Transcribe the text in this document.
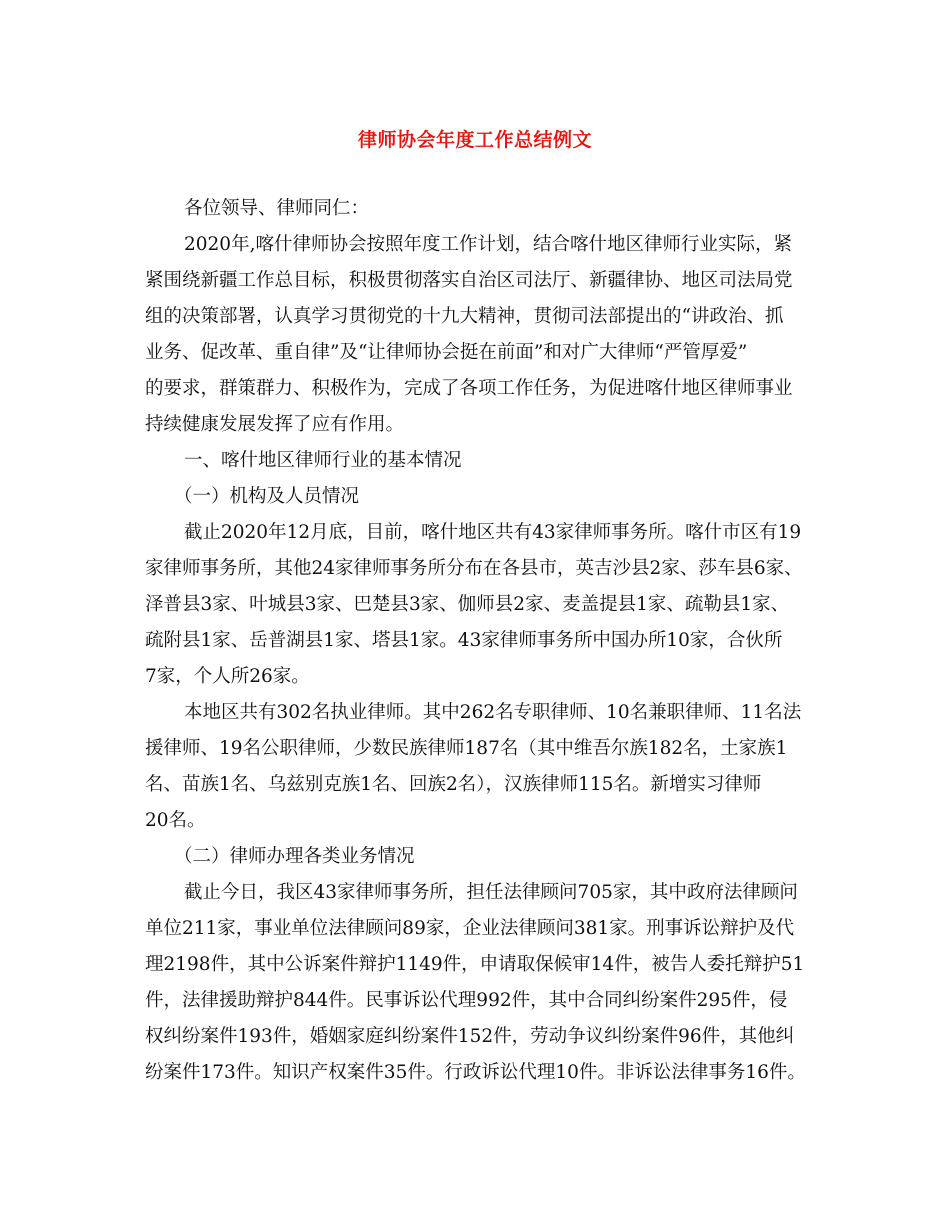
律师协会年度工作总结例文
各位领导、律师同仁：
2020年,喀什律师协会按照年度工作计划，结合喀什地区律师行业实际，紧
紧围绕新疆工作总目标，积极贯彻落实自治区司法厅、新疆律协、地区司法局党
组的决策部署，认真学习贯彻党的十九大精神，贯彻司法部提出的“讲政治、抓
业务、促改革、重自律”及“让律师协会挺在前面”和对广大律师“严管厚爱”
的要求，群策群力、积极作为，完成了各项工作任务，为促进喀什地区律师事业
持续健康发展发挥了应有作用。
一、喀什地区律师行业的基本情况
（一）机构及人员情况
截止2020年12月底，目前，喀什地区共有43家律师事务所。喀什市区有19
家律师事务所，其他24家律师事务所分布在各县市，英吉沙县2家、莎车县6家、
泽普县3家、叶城县3家、巴楚县3家、伽师县2家、麦盖提县1家、疏勒县1家、
疏附县1家、岳普湖县1家、塔县1家。43家律师事务所中国办所10家，合伙所
7家，个人所26家。
本地区共有302名执业律师。其中262名专职律师、10名兼职律师、11名法
援律师、19名公职律师，少数民族律师187名（其中维吾尔族182名，土家族1
名、苗族1名、乌兹别克族1名、回族2名），汉族律师115名。新增实习律师
20名。
（二）律师办理各类业务情况
截止今日，我区43家律师事务所，担任法律顾问705家，其中政府法律顾问
单位211家，事业单位法律顾问89家，企业法律顾问381家。刑事诉讼辩护及代
理2198件，其中公诉案件辩护1149件，申请取保候审14件，被告人委托辩护51
件，法律援助辩护844件。民事诉讼代理992件，其中合同纠纷案件295件，侵
权纠纷案件193件，婚姻家庭纠纷案件152件，劳动争议纠纷案件96件，其他纠
纷案件173件。知识产权案件35件。行政诉讼代理10件。非诉讼法律事务16件。
